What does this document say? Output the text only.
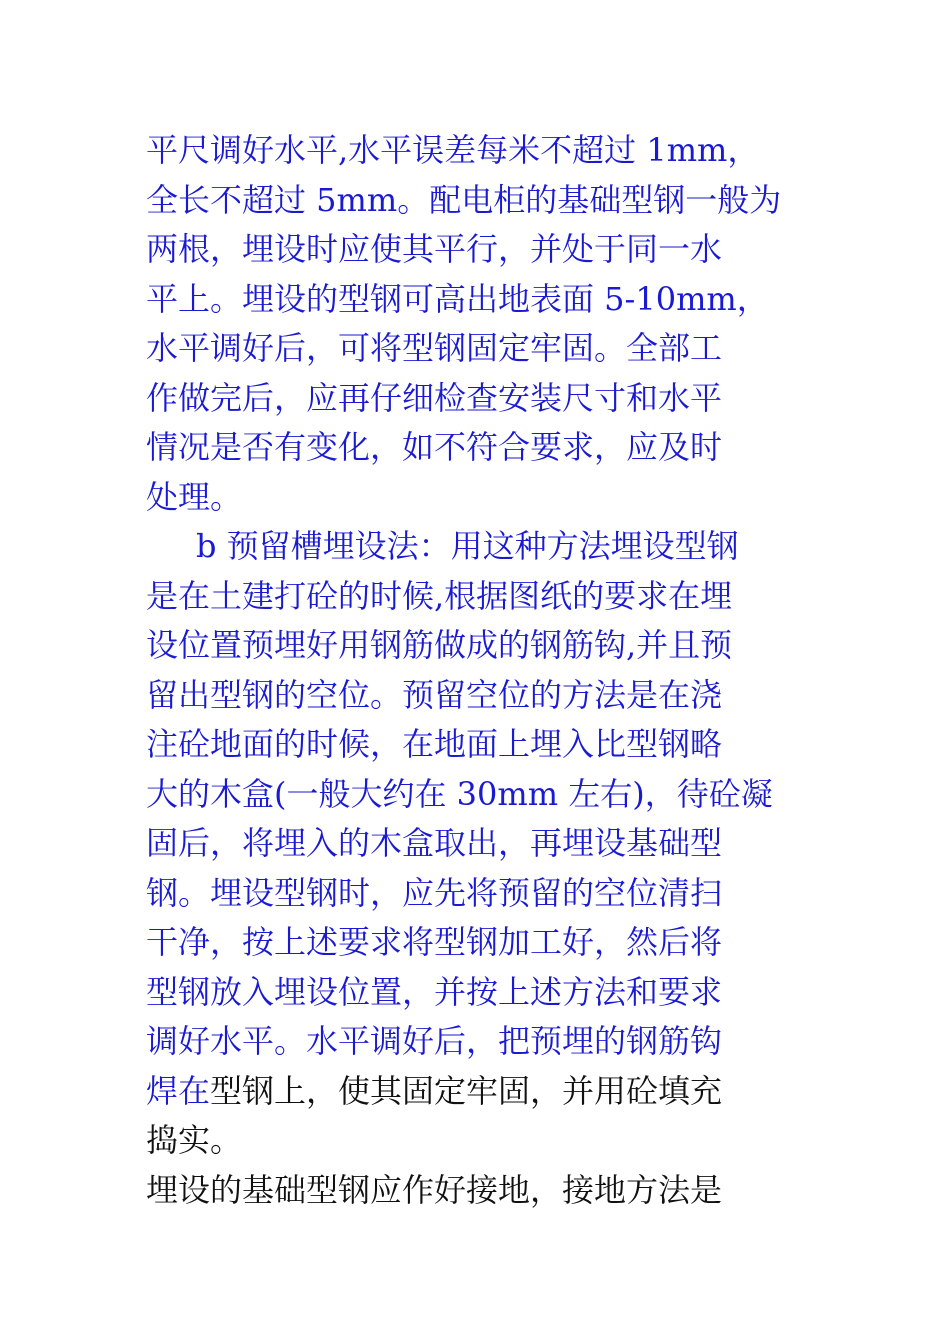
平尺调好水平,水平误差每米不超过 1mm，
全长不超过 5mm。配电柜的基础型钢一般为
两根，埋设时应使其平行，并处于同一水
平上。埋设的型钢可高出地表面 5-10mm，
水平调好后，可将型钢固定牢固。全部工
作做完后，应再仔细检查安装尺寸和水平
情况是否有变化，如不符合要求，应及时
处理。
b 预留槽埋设法：用这种方法埋设型钢
是在土建打砼的时候,根据图纸的要求在埋
设位置预埋好用钢筋做成的钢筋钩,并且预
留出型钢的空位。预留空位的方法是在浇
注砼地面的时候，在地面上埋入比型钢略
大的木盒(一般大约在 30mm 左右)，待砼凝
固后，将埋入的木盒取出，再埋设基础型
钢。埋设型钢时，应先将预留的空位清扫
干净，按上述要求将型钢加工好，然后将
型钢放入埋设位置，并按上述方法和要求
调好水平。水平调好后，把预埋的钢筋钩
焊在型钢上，使其固定牢固，并用砼填充
捣实。
埋设的基础型钢应作好接地，接地方法是
